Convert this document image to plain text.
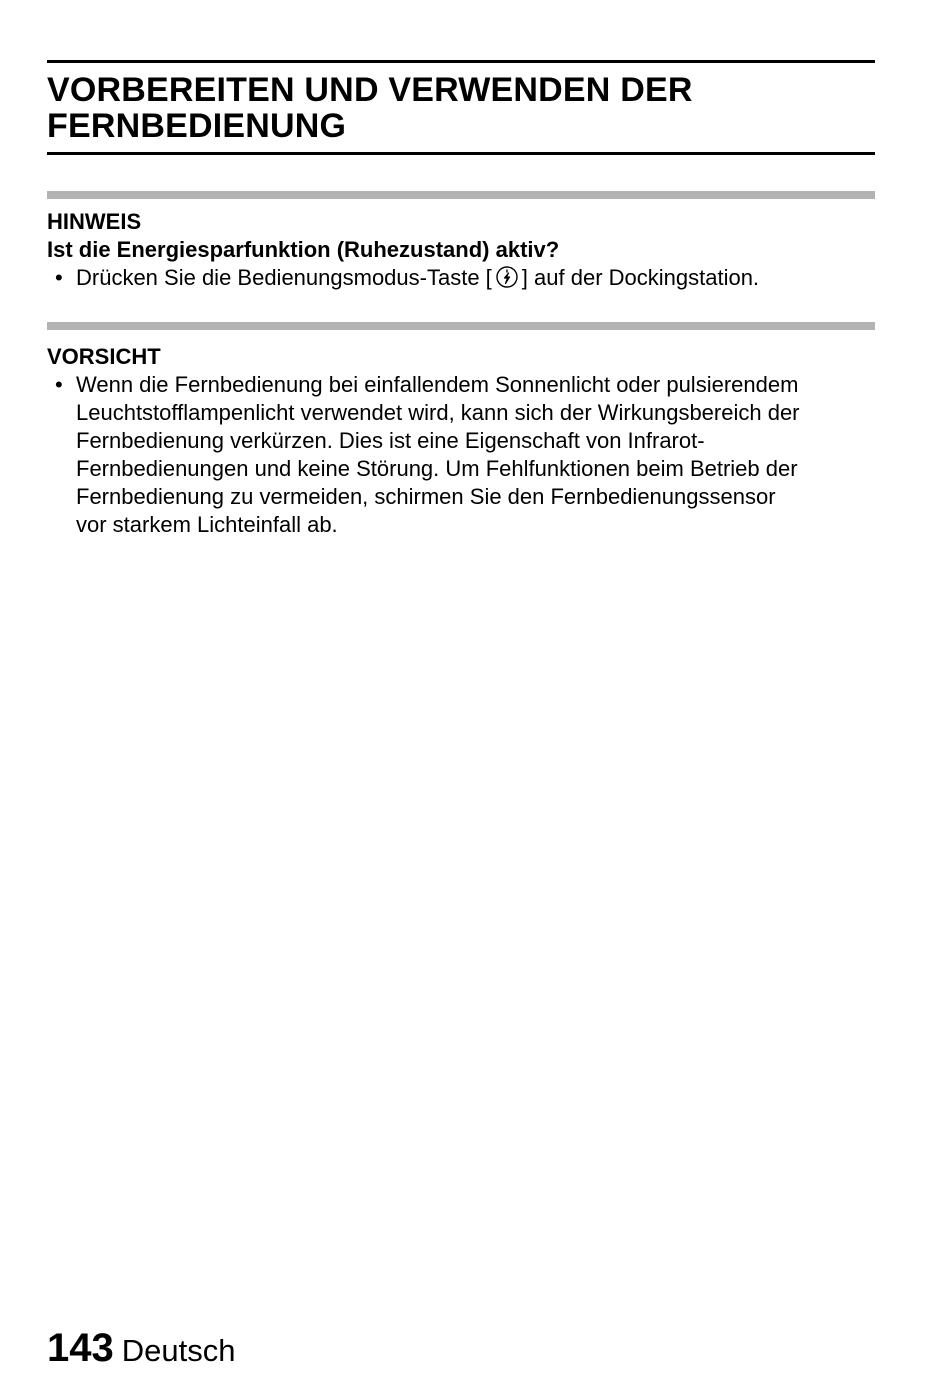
VORBEREITEN UND VERWENDEN DER
FERNBEDIENUNG

HINWEIS

Ist die Energiesparfunktion (Ruhezustand) aktiv?

• Drücken Sie die Bedienungsmodus-Taste [ ] auf der Dockingstation.

VORSICHT

• Wenn die Fernbedienung bei einfallendem Sonnenlicht oder pulsierendem
Leuchtstofflampenlicht verwendet wird, kann sich der Wirkungsbereich der
Fernbedienung verkürzen. Dies ist eine Eigenschaft von Infrarot-
Fernbedienungen und keine Störung. Um Fehlfunktionen beim Betrieb der
Fernbedienung zu vermeiden, schirmen Sie den Fernbedienungssensor
vor starkem Lichteinfall ab.
143 Deutsch
